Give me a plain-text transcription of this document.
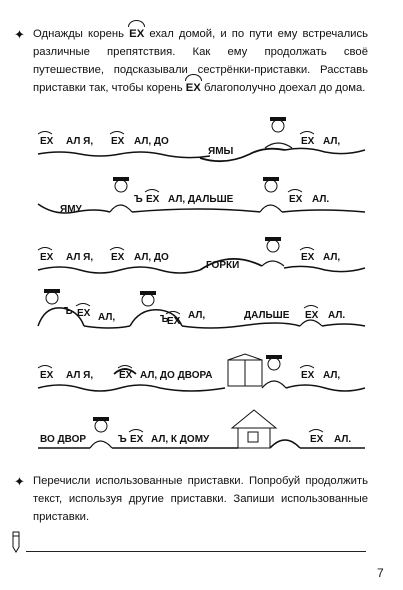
✦ Однажды корень ЕХ ехал домой, и по пути ему встречались различные препятствия. Как ему продолжать своё путешествие, подсказывали сестрёнки-приставки. Расставь приставки так, чтобы корень ЕХ благополучно доехал до дома.
ЕХ АЛ Я, ЕХ АЛ, ДО
ЯМЫ
ЕХ АЛ,
ЯМУ
Ъ ЕХ АЛ, ДАЛЬШЕ	ЕХ АЛ.
ЕХ АЛ Я, ЕХ АЛ, ДО
ГОРКИ
ЕХ АЛ,
Ъ ЕХ АЛ,	Ъ
ЕХ
АЛ,	ДАЛЬШЕ ЕХ АЛ.
ЕХ АЛ Я,	ЕХ АЛ, ДО ДВОРА	ЕХ АЛ,
ВО ДВОР	Ъ ЕХ АЛ, К ДОМУ	ЕХ АЛ.
✦ Перечисли использованные приставки. Попробуй продолжить текст, используя другие приставки. Запиши использованные приставки.
7
